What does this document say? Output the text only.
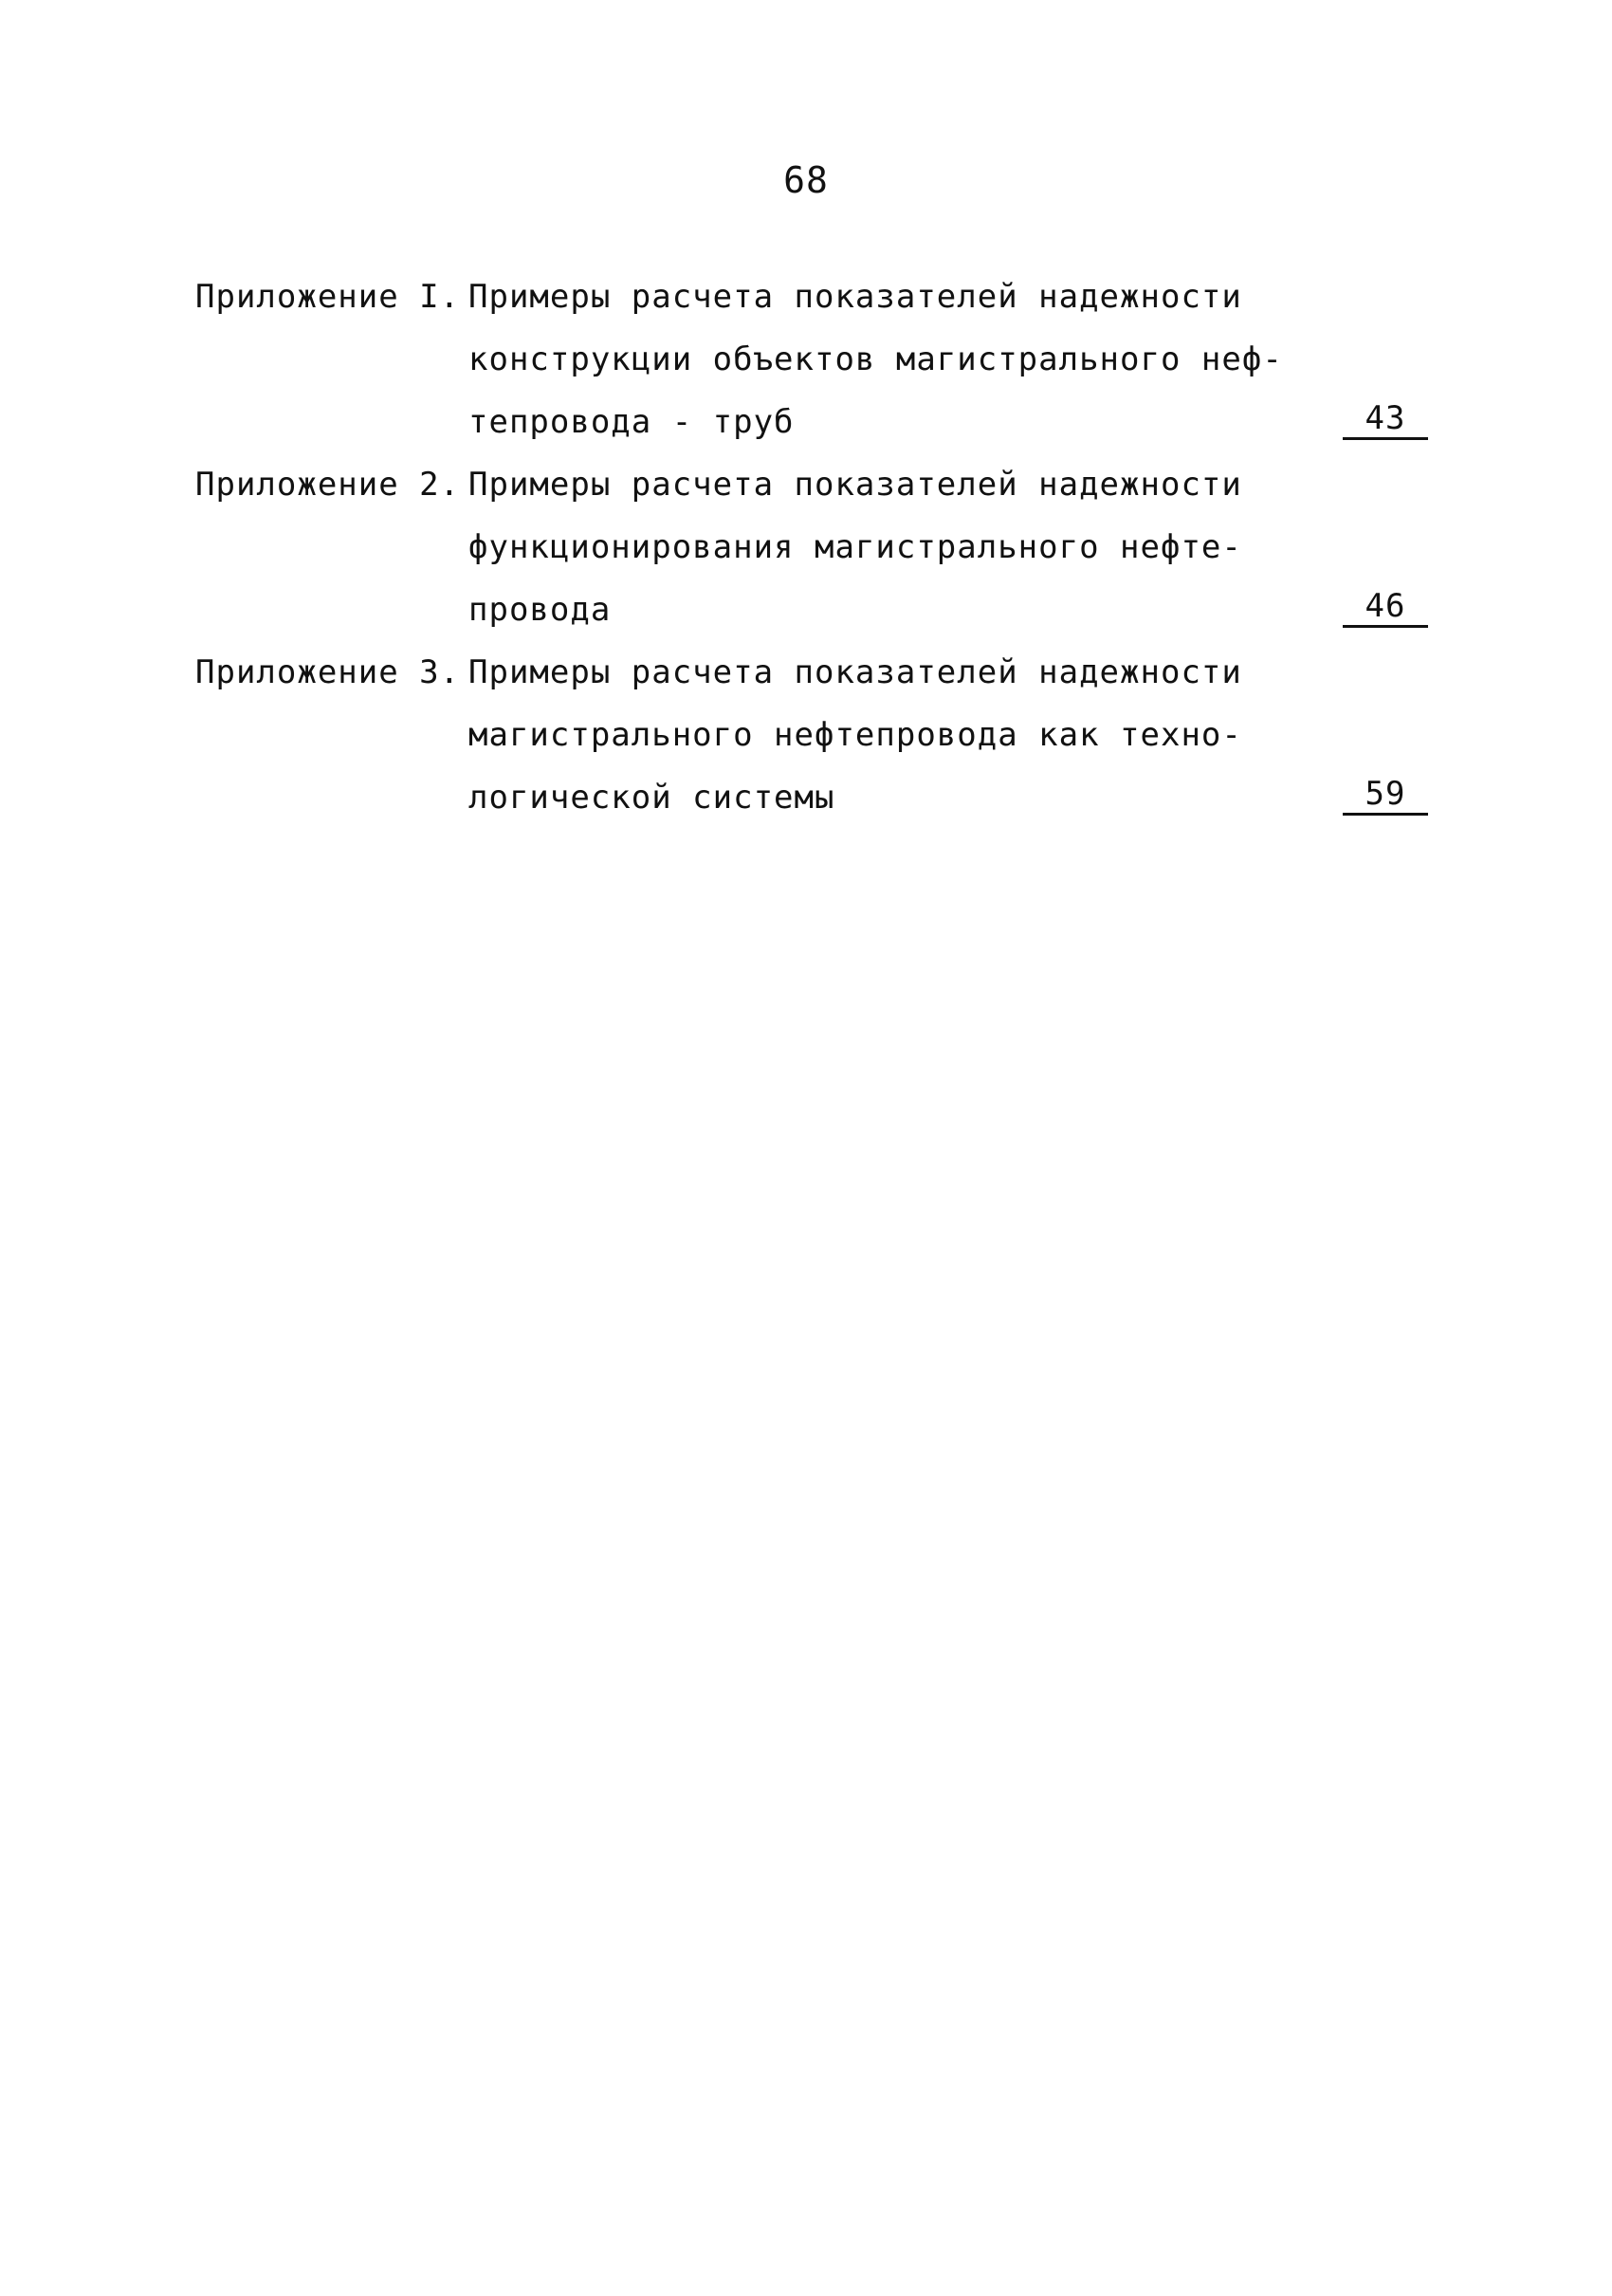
68
Приложение I. Примеры расчета показателей надежности
конструкции объектов магистрального неф-
тепровода - труб	43
Приложение 2. Примеры расчета показателей надежности
функционирования магистрального нефте-
провода	46
Приложение 3. Примеры расчета показателей надежности
магистрального нефтепровода как техно-
логической системы	59
